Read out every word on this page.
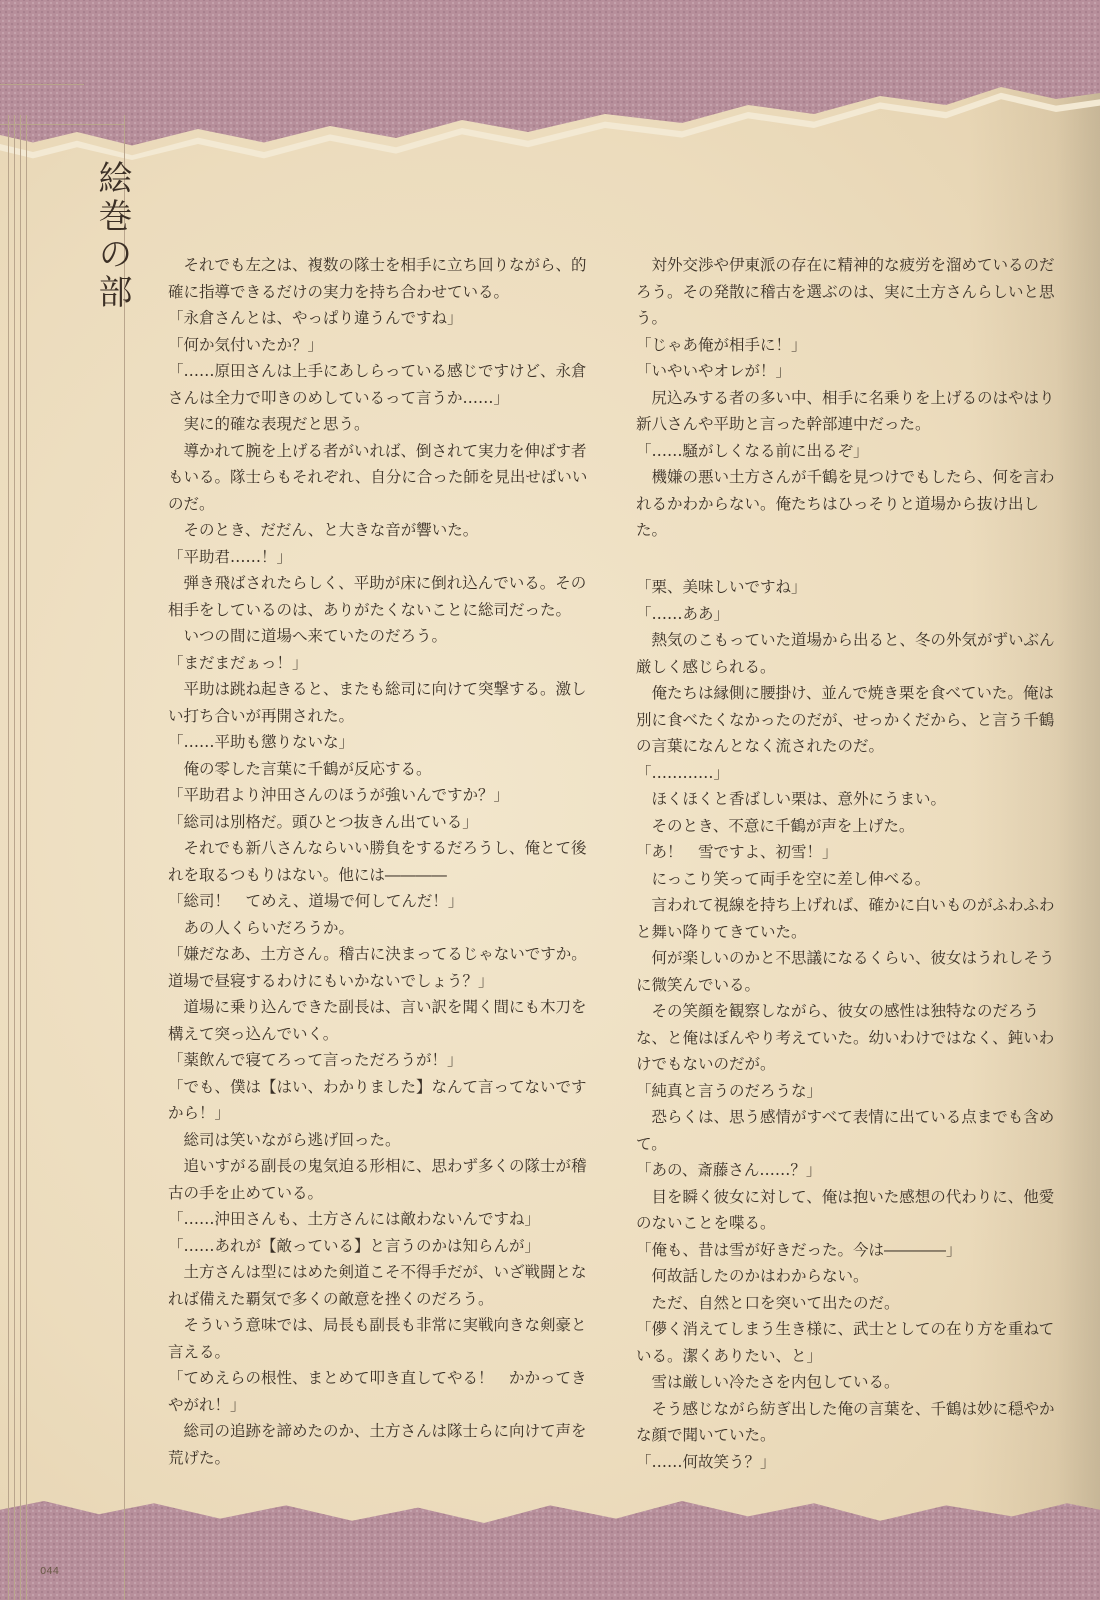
絵巻の部	　それでも左之は、複数の隊士を相手に立ち回りながら、的確に指導できるだけの実力を持ち合わせている。

「永倉さんとは、やっぱり違うんですね」

「何か気付いたか？」

「……原田さんは上手にあしらっている感じですけど、永倉さんは全力で叩きのめしているって言うか……」

　実に的確な表現だと思う。

　導かれて腕を上げる者がいれば、倒されて実力を伸ばす者もいる。隊士らもそれぞれ、自分に合った師を見出せばいいのだ。

　そのとき、だだん、と大きな音が響いた。

「平助君……！」

　弾き飛ばされたらしく、平助が床に倒れ込んでいる。その相手をしているのは、ありがたくないことに総司だった。

　いつの間に道場へ来ていたのだろう。

「まだまだぁっ！」

　平助は跳ね起きると、またも総司に向けて突撃する。激しい打ち合いが再開された。

「……平助も懲りないな」

　俺の零した言葉に千鶴が反応する。

「平助君より沖田さんのほうが強いんですか？」

「総司は別格だ。頭ひとつ抜きん出ている」

　それでも新八さんならいい勝負をするだろうし、俺とて後れを取るつもりはない。他には――――

「総司！　てめえ、道場で何してんだ！」

　あの人くらいだろうか。

「嫌だなあ、土方さん。稽古に決まってるじゃないですか。道場で昼寝するわけにもいかないでしょう？」

　道場に乗り込んできた副長は、言い訳を聞く間にも木刀を構えて突っ込んでいく。

「薬飲んで寝てろって言っただろうが！」

「でも、僕は【はい、わかりました】なんて言ってないですから！」

　総司は笑いながら逃げ回った。

　追いすがる副長の鬼気迫る形相に、思わず多くの隊士が稽古の手を止めている。

「……沖田さんも、土方さんには敵わないんですね」

「……あれが【敵っている】と言うのかは知らんが」

　土方さんは型にはめた剣道こそ不得手だが、いざ戦闘となれば備えた覇気で多くの敵意を挫くのだろう。

　そういう意味では、局長も副長も非常に実戦向きな剣豪と言える。

「てめえらの根性、まとめて叩き直してやる！　かかってきやがれ！」

　総司の追跡を諦めたのか、土方さんは隊士らに向けて声を荒げた。

　対外交渉や伊東派の存在に精神的な疲労を溜めているのだろう。その発散に稽古を選ぶのは、実に土方さんらしいと思う。

「じゃあ俺が相手に！」

「いやいやオレが！」

　尻込みする者の多い中、相手に名乗りを上げるのはやはり新八さんや平助と言った幹部連中だった。

「……騒がしくなる前に出るぞ」

　機嫌の悪い土方さんが千鶴を見つけでもしたら、何を言われるかわからない。俺たちはひっそりと道場から抜け出した。

「栗、美味しいですね」

「……ああ」

　熱気のこもっていた道場から出ると、冬の外気がずいぶん厳しく感じられる。

　俺たちは縁側に腰掛け、並んで焼き栗を食べていた。俺は別に食べたくなかったのだが、せっかくだから、と言う千鶴の言葉になんとなく流されたのだ。

「…………」

　ほくほくと香ばしい栗は、意外にうまい。

　そのとき、不意に千鶴が声を上げた。

「あ！　雪ですよ、初雪！」

　にっこり笑って両手を空に差し伸べる。

　言われて視線を持ち上げれば、確かに白いものがふわふわと舞い降りてきていた。

　何が楽しいのかと不思議になるくらい、彼女はうれしそうに微笑んでいる。

　その笑顔を観察しながら、彼女の感性は独特なのだろうな、と俺はぼんやり考えていた。幼いわけではなく、鈍いわけでもないのだが。

「純真と言うのだろうな」

　恐らくは、思う感情がすべて表情に出ている点までも含めて。

「あの、斎藤さん……？」

　目を瞬く彼女に対して、俺は抱いた感想の代わりに、他愛のないことを喋る。

「俺も、昔は雪が好きだった。今は――――」

　何故話したのかはわからない。

　ただ、自然と口を突いて出たのだ。

「儚く消えてしまう生き様に、武士としての在り方を重ねている。潔くありたい、と」

　雪は厳しい冷たさを内包している。

　そう感じながら紡ぎ出した俺の言葉を、千鶴は妙に穏やかな顔で聞いていた。

「……何故笑う？」

044
